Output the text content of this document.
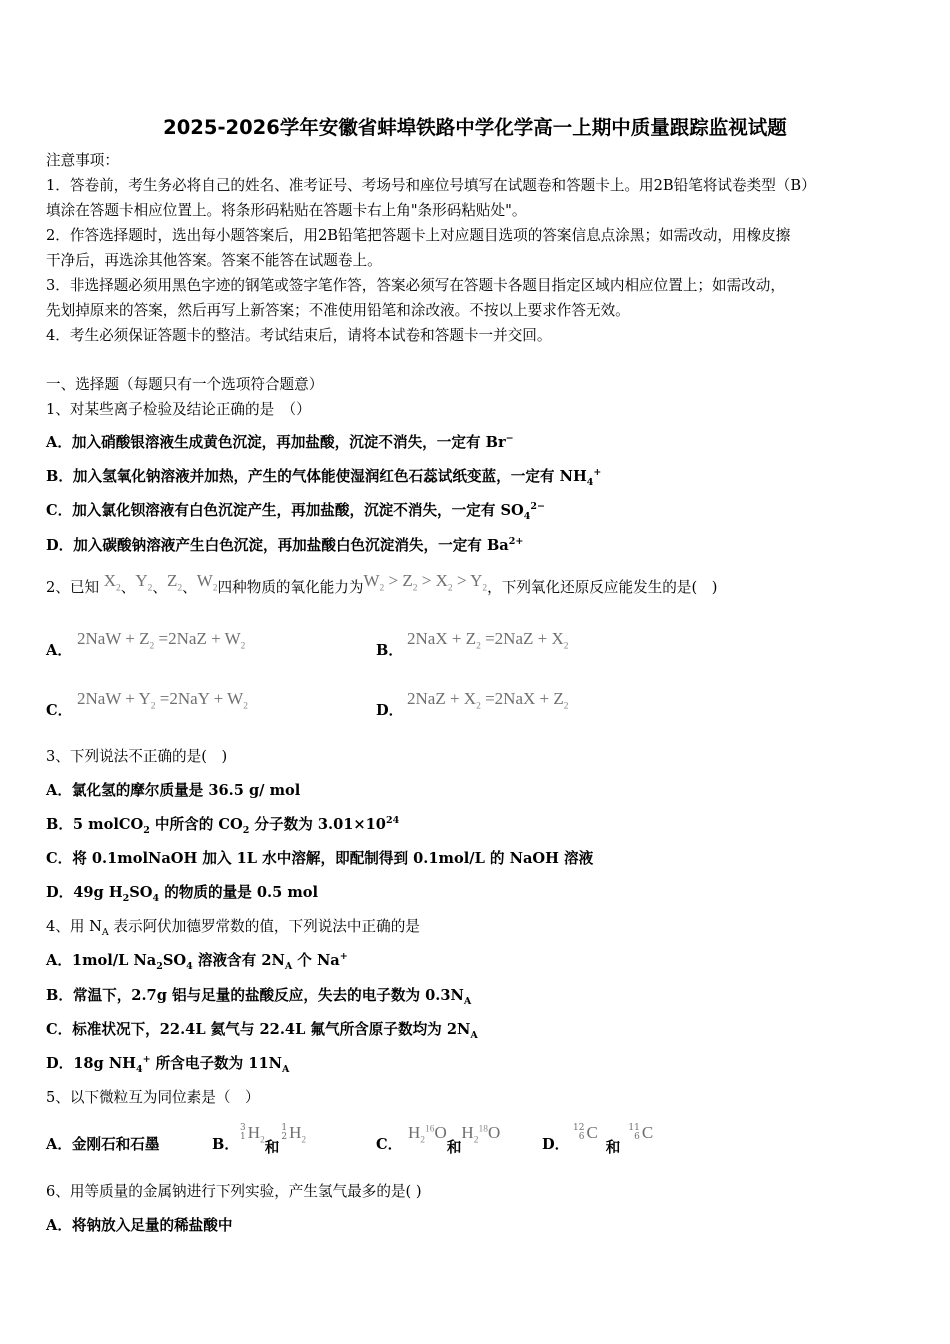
2025-2026学年安徽省蚌埠铁路中学化学高一上期中质量跟踪监视试题
注意事项：
1．答卷前，考生务必将自己的姓名、准考证号、考场号和座位号填写在试题卷和答题卡上。用2B铅笔将试卷类型（B）
填涂在答题卡相应位置上。将条形码粘贴在答题卡右上角"条形码粘贴处"。
2．作答选择题时，选出每小题答案后，用2B铅笔把答题卡上对应题目选项的答案信息点涂黑；如需改动，用橡皮擦
干净后，再选涂其他答案。答案不能答在试题卷上。
3．非选择题必须用黑色字迹的钢笔或签字笔作答，答案必须写在答题卡各题目指定区域内相应位置上；如需改动，
先划掉原来的答案，然后再写上新答案；不准使用铅笔和涂改液。不按以上要求作答无效。
4．考生必须保证答题卡的整洁。考试结束后，请将本试卷和答题卡一并交回。
一、选择题（每题只有一个选项符合题意）
1、对某些离子检验及结论正确的是　（）
A．加入硝酸银溶液生成黄色沉淀，再加盐酸，沉淀不消失，一定有 Br−
B．加入氢氧化钠溶液并加热，产生的气体能使湿润红色石蕊试纸变蓝，一定有 $NH_4^+$
C．加入氯化钡溶液有白色沉淀产生，再加盐酸，沉淀不消失，一定有 $SO_4^{2-}$
D．加入碳酸钠溶液产生白色沉淀，再加盐酸白色沉淀消失，一定有 $Ba^{2+}$
2、已知 $X_2$、$Y_2$、$Z_2$、$W_2$四种物质的氧化能力为$W_2 > Z_2 > X_2 > Y_2$，下列氧化还原反应能发生的是(　)
A．
$2NaW + Z_2 =2NaZ + W_2$	B．
$2NaX + Z_2 =2NaZ + X_2$
C．
$2NaW + Y_2 =2NaY + W_2$	D．
$2NaZ + X_2 =2NaX + Z_2$
3、下列说法不正确的是(　)
A．氯化氢的摩尔质量是 36.5 g/ mol
B．5 molCO$_2$ 中所含的 $CO_2$ 分子数为 $3.01\times 10^{24}$
C．将 0.1molNaOH 加入 1L 水中溶解，即配制得到 0.1mol/L 的 NaOH 溶液
D．49g $H_2SO_4$ 的物质的量是 0.5 mol
4、用 $N_A$ 表示阿伏加德罗常数的值，下列说法中正确的是
A．1mol/L $Na_2SO_4$ 溶液含有 $2N_A$ 个 Na+
B．常温下，2.7g 铝与足量的盐酸反应，失去的电子数为 $0.3N_A$
C．标准状况下，22.4L 氦气与 22.4L 氟气所含原子数均为 $2N_A$
D．18g $NH_4^+$ 所含电子数为 $11N_A$
5、以下微粒互为同位素是（　）
A．金刚石和石墨	B．
3
1 $H_2$和
1
2 $H_2$	C．
$H_2^{16}O$和$H_2^{18}O$
D．
12
6 C和
11
6 C
6、用等质量的金属钠进行下列实验，产生氢气最多的是( )
A．将钠放入足量的稀盐酸中
